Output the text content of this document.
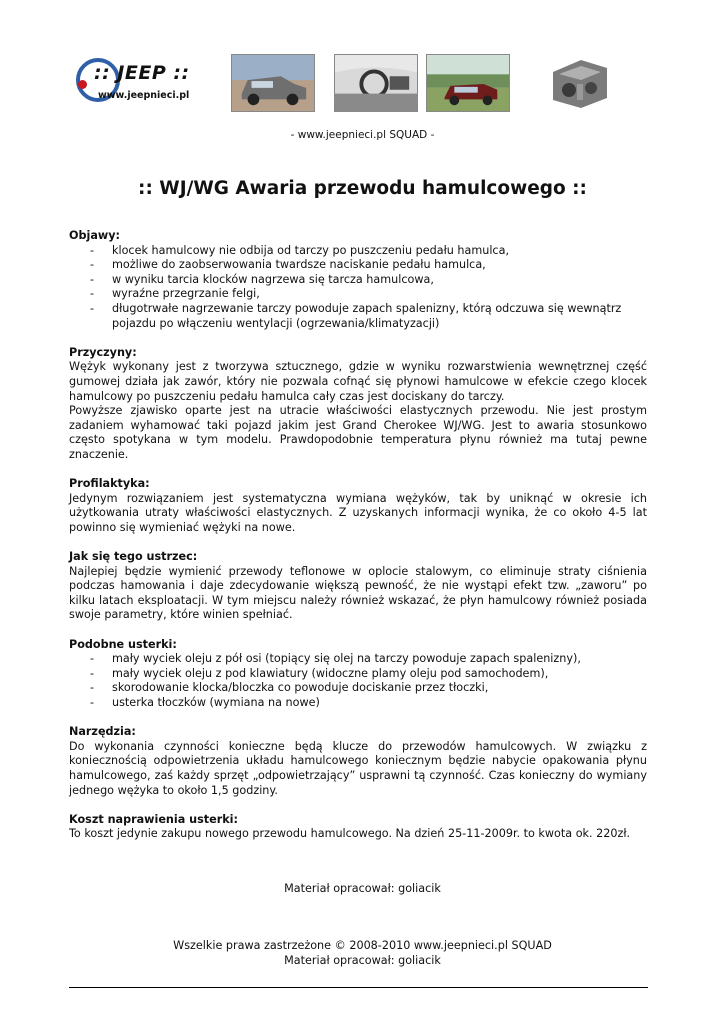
:: JEEP ::
www.jeepnieci.pl
- www.jeepnieci.pl SQUAD -
:: WJ/WG Awaria przewodu hamulcowego ::
Objawy:
- klocek hamulcowy nie odbija od tarczy po puszczeniu pedału hamulca,
- możliwe do zaobserwowania twardsze naciskanie pedału hamulca,
- w wyniku tarcia klocków nagrzewa się tarcza hamulcowa,
- wyraźne przegrzanie felgi,
- długotrwałe nagrzewanie tarczy powoduje zapach spalenizny, którą odczuwa się wewnątrz pojazdu po włączeniu wentylacji (ogrzewania/klimatyzacji)
Przyczyny:
Wężyk wykonany jest z tworzywa sztucznego, gdzie w wyniku rozwarstwienia wewnętrznej część gumowej działa jak zawór, który nie pozwala cofnąć się płynowi hamulcowe w efekcie czego klocek hamulcowy po puszczeniu pedału hamulca cały czas jest dociskany do tarczy.
Powyższe zjawisko oparte jest na utracie właściwości elastycznych przewodu. Nie jest prostym zadaniem wyhamować taki pojazd jakim jest Grand Cherokee WJ/WG. Jest to awaria stosunkowo często spotykana w tym modelu. Prawdopodobnie temperatura płynu również ma tutaj pewne znaczenie.
Profilaktyka:
Jedynym rozwiązaniem jest systematyczna wymiana wężyków, tak by uniknąć w okresie ich użytkowania utraty właściwości elastycznych. Z uzyskanych informacji wynika, że co około 4-5 lat powinno się wymieniać wężyki na nowe.
Jak się tego ustrzec:
Najlepiej będzie wymienić przewody teflonowe w oplocie stalowym, co eliminuje straty ciśnienia podczas hamowania i daje zdecydowanie większą pewność, że nie wystąpi efekt tzw. „zaworu” po kilku latach eksploatacji. W tym miejscu należy również wskazać, że płyn hamulcowy również posiada swoje parametry, które winien spełniać.
Podobne usterki:
- mały wyciek oleju z pół osi (topiący się olej na tarczy powoduje zapach spalenizny),
- mały wyciek oleju z pod klawiatury (widoczne plamy oleju pod samochodem),
- skorodowanie klocka/bloczka co powoduje dociskanie przez tłoczki,
- usterka tłoczków (wymiana na nowe)
Narzędzia:
Do wykonania czynności konieczne będą klucze do przewodów hamulcowych. W związku z koniecznością odpowietrzenia układu hamulcowego koniecznym będzie nabycie opakowania płynu hamulcowego, zaś każdy sprzęt „odpowietrzający” usprawni tą czynność. Czas konieczny do wymiany jednego wężyka to około 1,5 godziny.
Koszt naprawienia usterki:
To koszt jedynie zakupu nowego przewodu hamulcowego. Na dzień 25-11-2009r. to kwota ok. 220zł.
Materiał opracował: goliacik
Wszelkie prawa zastrzeżone © 2008-2010 www.jeepnieci.pl SQUAD
Materiał opracował: goliacik
